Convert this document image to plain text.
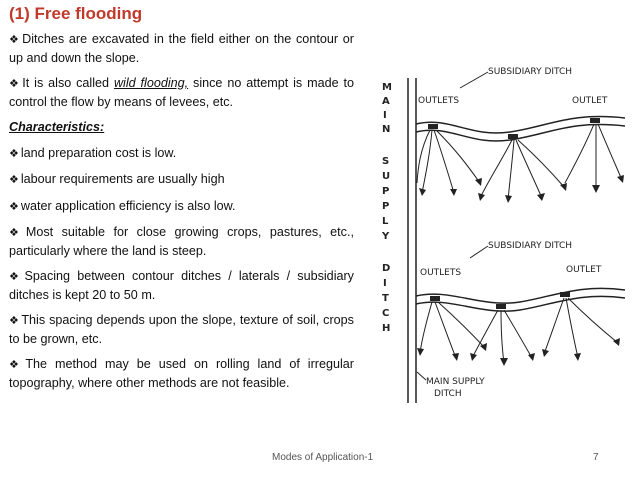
(1) Free flooding

❖ Ditches are excavated in the field either on the contour or up and down the slope.

❖ It is also called wild flooding, since no attempt is made to control the flow by means of levees, etc.

Characteristics:

❖ land preparation cost is low.

❖ labour requirements are usually high

❖ water application efficiency is also low.

❖ Most suitable for close growing crops, pastures, etc., particularly where the land is steep.

❖ Spacing between contour ditches / laterals / subsidiary ditches is kept 20 to 50 m.

❖ This spacing depends upon the slope, texture of soil, crops to be grown, etc.

❖ The method may be used on rolling land of irregular topography, where other methods are not feasible.

M
A
I
N
S
U
P
P
L
Y
D
I
T
C
H
SUBSIDIARY DITCH
OUTLETS	OUTLET
SUBSIDIARY DITCH
OUTLETS	OUTLET
MAIN SUPPLY
DITCH
Modes of Application-1	7
